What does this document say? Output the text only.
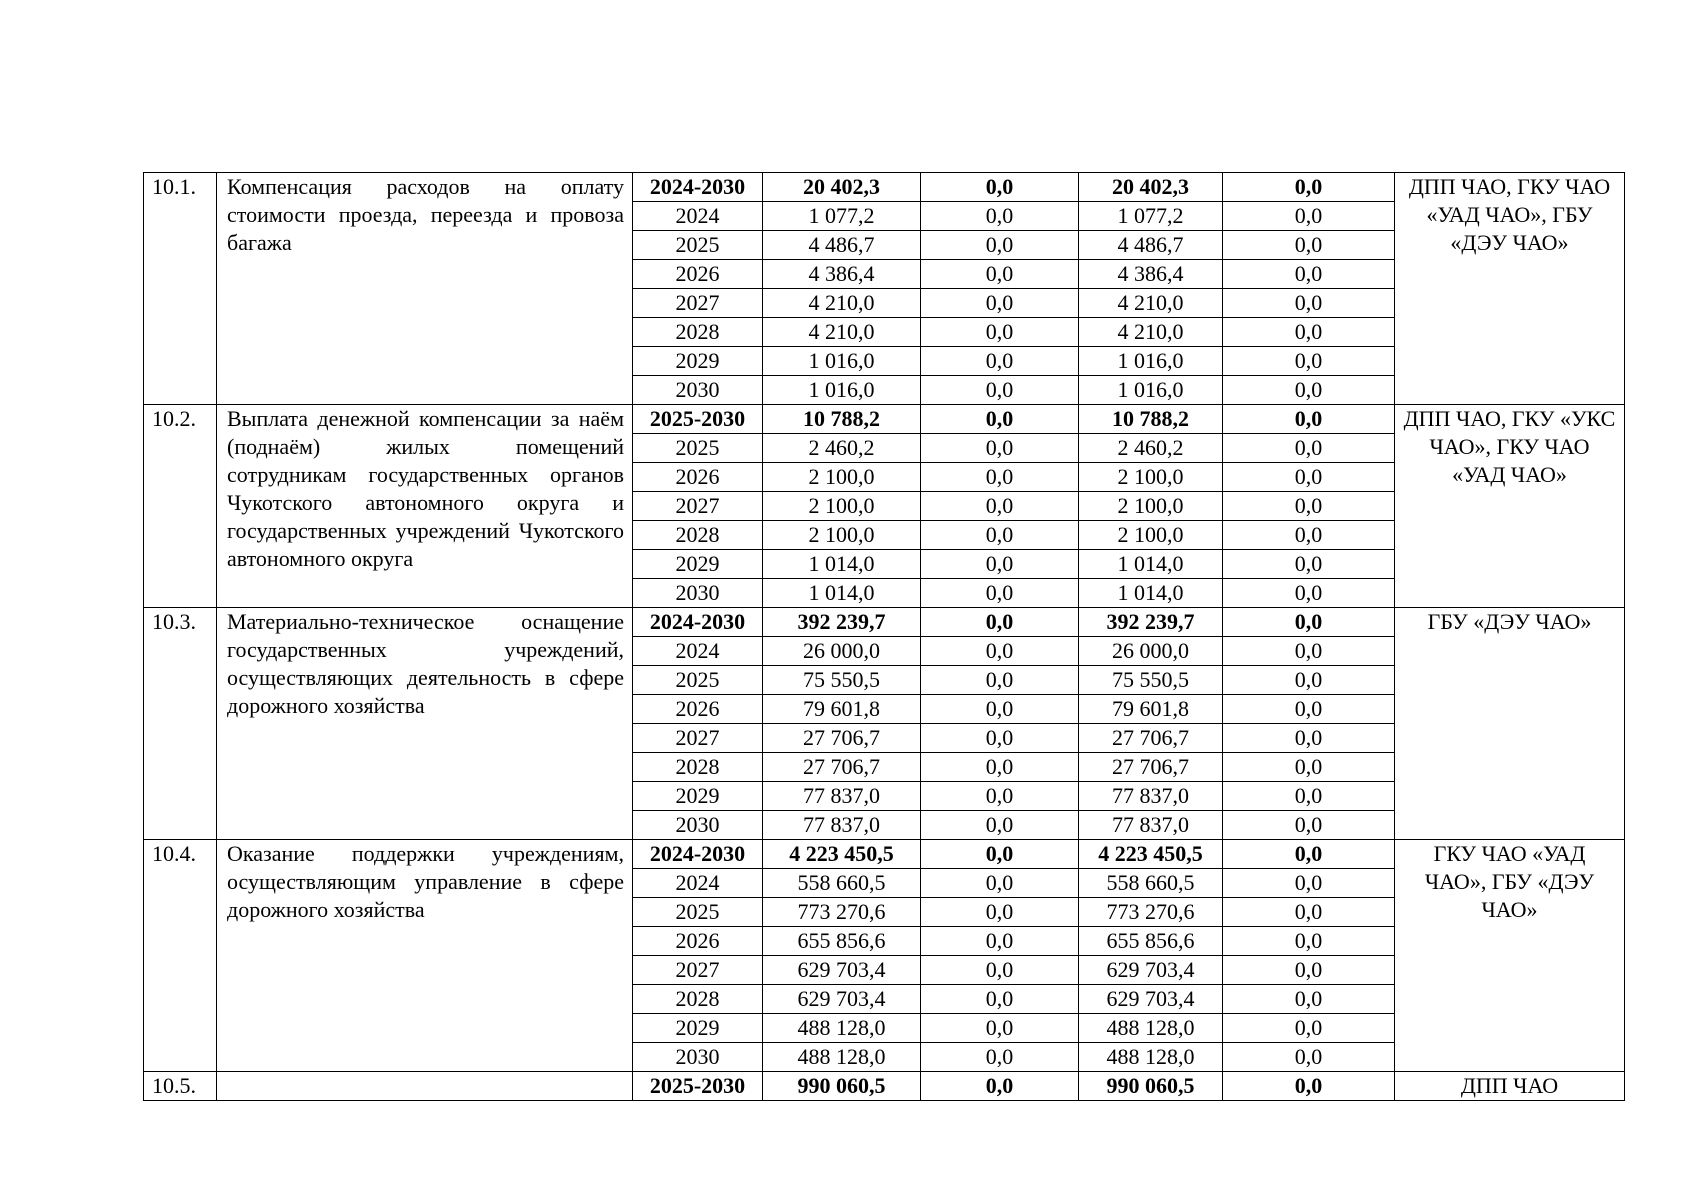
10.1.	Компенсация расходов на оплату стоимости проезда, переезда и провоза багажа	2024-2030	20 402,3	0,0	20 402,3	0,0	ДПП ЧАО, ГКУ ЧАО «УАД ЧАО», ГБУ «ДЭУ ЧАО»
		2024	1 077,2	0,0	1 077,2	0,0	
		2025	4 486,7	0,0	4 486,7	0,0	
		2026	4 386,4	0,0	4 386,4	0,0	
		2027	4 210,0	0,0	4 210,0	0,0	
		2028	4 210,0	0,0	4 210,0	0,0	
		2029	1 016,0	0,0	1 016,0	0,0	
		2030	1 016,0	0,0	1 016,0	0,0	
10.2.	Выплата денежной компенсации за наём (поднаём) жилых помещений сотрудникам государственных органов Чукотского автономного округа и государственных учреждений Чукотского автономного округа	2025-2030	10 788,2	0,0	10 788,2	0,0	ДПП ЧАО, ГКУ «УКС ЧАО», ГКУ ЧАО «УАД ЧАО»
		2025	2 460,2	0,0	2 460,2	0,0	
		2026	2 100,0	0,0	2 100,0	0,0	
		2027	2 100,0	0,0	2 100,0	0,0	
		2028	2 100,0	0,0	2 100,0	0,0	
		2029	1 014,0	0,0	1 014,0	0,0	
		2030	1 014,0	0,0	1 014,0	0,0	
10.3.	Материально-техническое оснащение государственных учреждений, осуществляющих деятельность в сфере дорожного хозяйства	2024-2030	392 239,7	0,0	392 239,7	0,0	ГБУ «ДЭУ ЧАО»
		2024	26 000,0	0,0	26 000,0	0,0	
		2025	75 550,5	0,0	75 550,5	0,0	
		2026	79 601,8	0,0	79 601,8	0,0	
		2027	27 706,7	0,0	27 706,7	0,0	
		2028	27 706,7	0,0	27 706,7	0,0	
		2029	77 837,0	0,0	77 837,0	0,0	
		2030	77 837,0	0,0	77 837,0	0,0	
10.4.	Оказание поддержки учреждениям, осуществляющим управление в сфере дорожного хозяйства	2024-2030	4 223 450,5	0,0	4 223 450,5	0,0	ГКУ ЧАО «УАД ЧАО», ГБУ «ДЭУ ЧАО»
		2024	558 660,5	0,0	558 660,5	0,0	
		2025	773 270,6	0,0	773 270,6	0,0	
		2026	655 856,6	0,0	655 856,6	0,0	
		2027	629 703,4	0,0	629 703,4	0,0	
		2028	629 703,4	0,0	629 703,4	0,0	
		2029	488 128,0	0,0	488 128,0	0,0	
		2030	488 128,0	0,0	488 128,0	0,0	
10.5.		2025-2030	990 060,5	0,0	990 060,5	0,0	ДПП ЧАО
